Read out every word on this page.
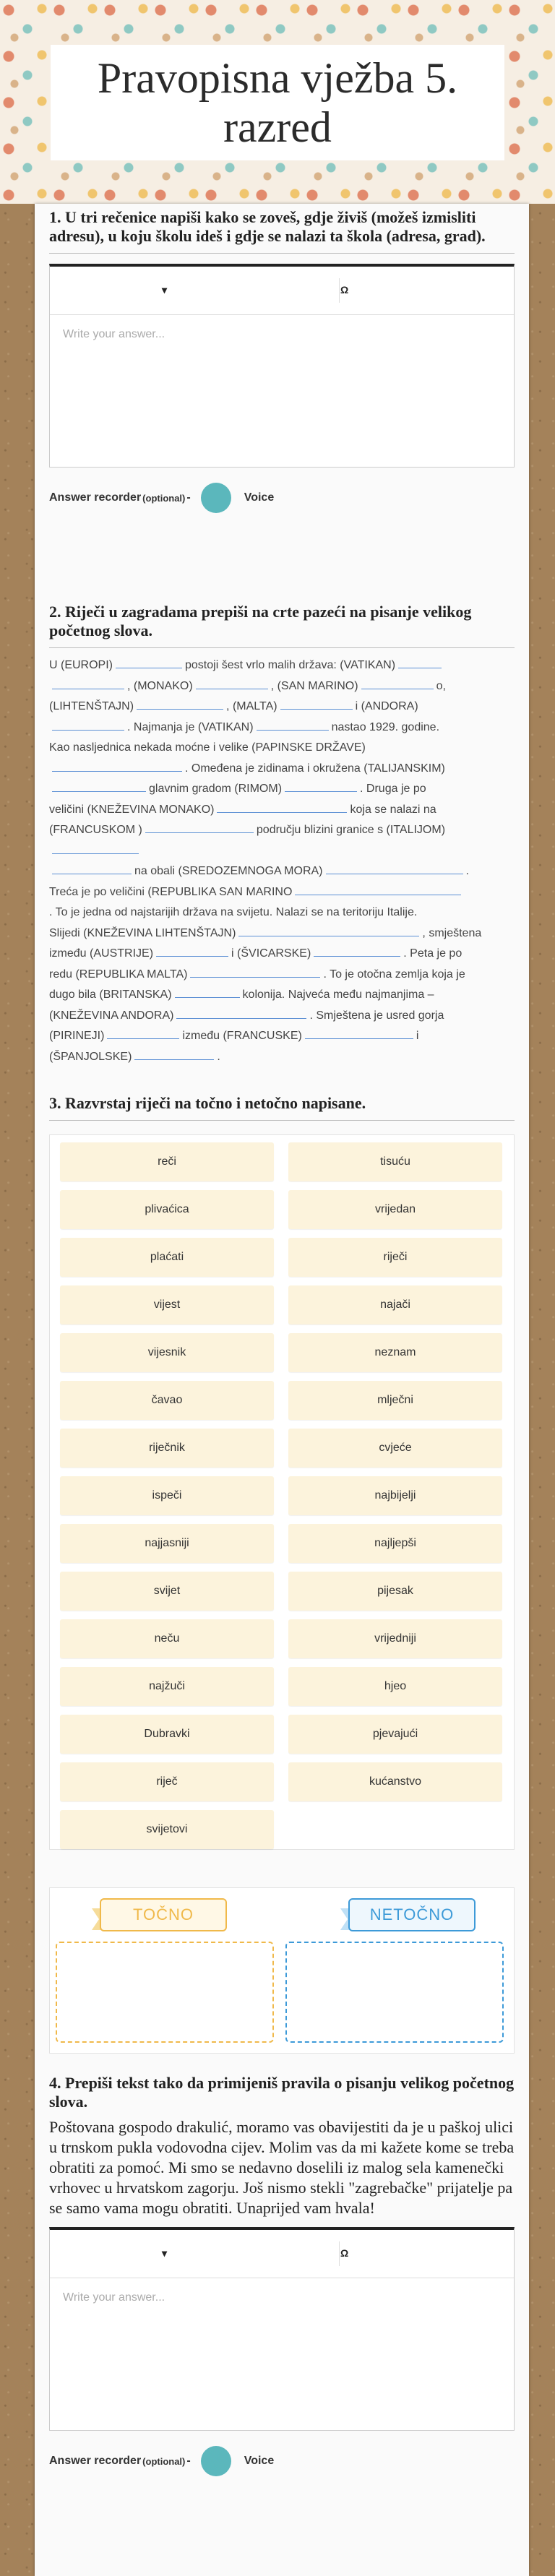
Pravopisna vježba 5. razred

1. U tri rečenice napiši kako se zoveš, gdje živiš (možeš izmisliti adresu), u koju školu ideš i gdje se nalazi ta škola (adresa, grad).

▾	Ω
Write your answer...
Answer recorder (optional) -	Voice

2. Riječi u zagradama prepiši na crte pazeći na pisanje velikog početnog slova.

U (EUROPI)	postoji šest vrlo malih država: (VATIKAN)
, (MONAKO)	, (SAN MARINO)	o,
(LIHTENŠTAJN)	, (MALTA)	i (ANDORA)
. Najmanja je (VATIKAN)	nastao 1929. godine.
Kao nasljednica nekada moćne i velike (PAPINSKE DRŽAVE)
. Omeđena je zidinama i okružena (TALIJANSKIM)
glavnim gradom (RIMOM)	. Druga je po
veličini (KNEŽEVINA MONAKO)	koja se nalazi na
(FRANCUSKOM )	području blizini granice s (ITALIJOM)
na obali (SREDOZEMNOGA MORA)	.
Treća je po veličini (REPUBLIKA SAN MARINO
. To je jedna od najstarijih država na svijetu. Nalazi se na teritoriju Italije.
Slijedi (KNEŽEVINA LIHTENŠTAJN)	, smještena
između (AUSTRIJE)	i (ŠVICARSKE)	. Peta je po
redu (REPUBLIKA MALTA)	. To je otočna zemlja koja je
dugo bila (BRITANSKA)	kolonija. Najveća među najmanjima –
(KNEŽEVINA ANDORA)	. Smještena je usred gorja
(PIRINEJI)	između (FRANCUSKE)	i
(ŠPANJOLSKE)	.

3. Razvrstaj riječi na točno i netočno napisane.

reči	tisuću
plivaćica	vrijedan
plaćati	riječi
vijest	najači
vijesnik	neznam
čavao	mlječni
riječnik	cvjeće
ispeči	najbijelji
najjasniji	najljepši
svijet	pijesak
neču	vrijedniji
najžuči	hjeo
Dubravki	pjevajući
riječ	kućanstvo
svijetovi
TOČNO	NETOČNO

4. Prepiši tekst tako da primijeniš pravila o pisanju velikog početnog slova.

Poštovana gospodo drakulić, moramo vas obavijestiti da je u paškoj ulici u trnskom pukla vodovodna cijev. Molim vas da mi kažete kome se treba obratiti za pomoć. Mi smo se nedavno doselili iz malog sela kamenečki vrhovec u hrvatskom zagorju. Još nismo stekli "zagrebačke" prijatelje pa se samo vama mogu obratiti. Unaprijed vam hvala!

▾	Ω
Write your answer...
Answer recorder (optional) -	Voice
